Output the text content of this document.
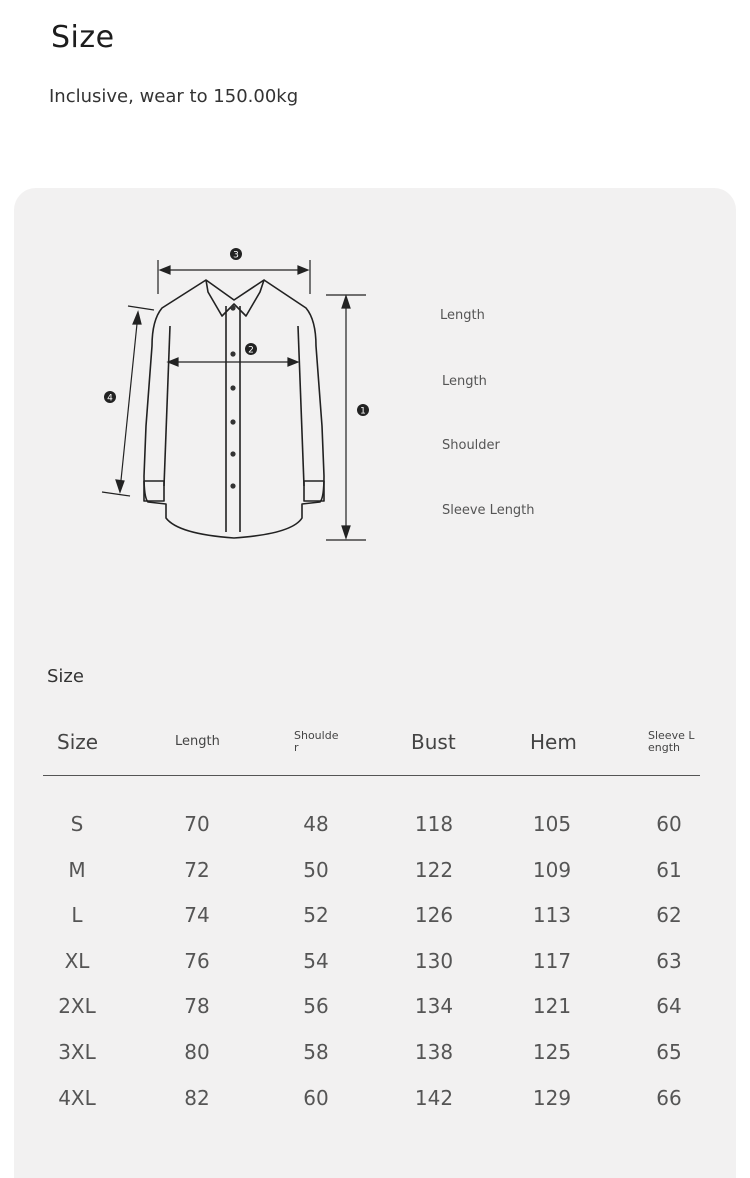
Size
Inclusive, wear to 150.00kg
3
2
1
4
Length
Length
Shoulder
Sleeve Length
Size
Size	Length	Shoulder	Bust	Hem	Sleeve Length
S	70	48	118	105	60
M	72	50	122	109	61
L	74	52	126	113	62
XL	76	54	130	117	63
2XL	78	56	134	121	64
3XL	80	58	138	125	65
4XL	82	60	142	129	66
